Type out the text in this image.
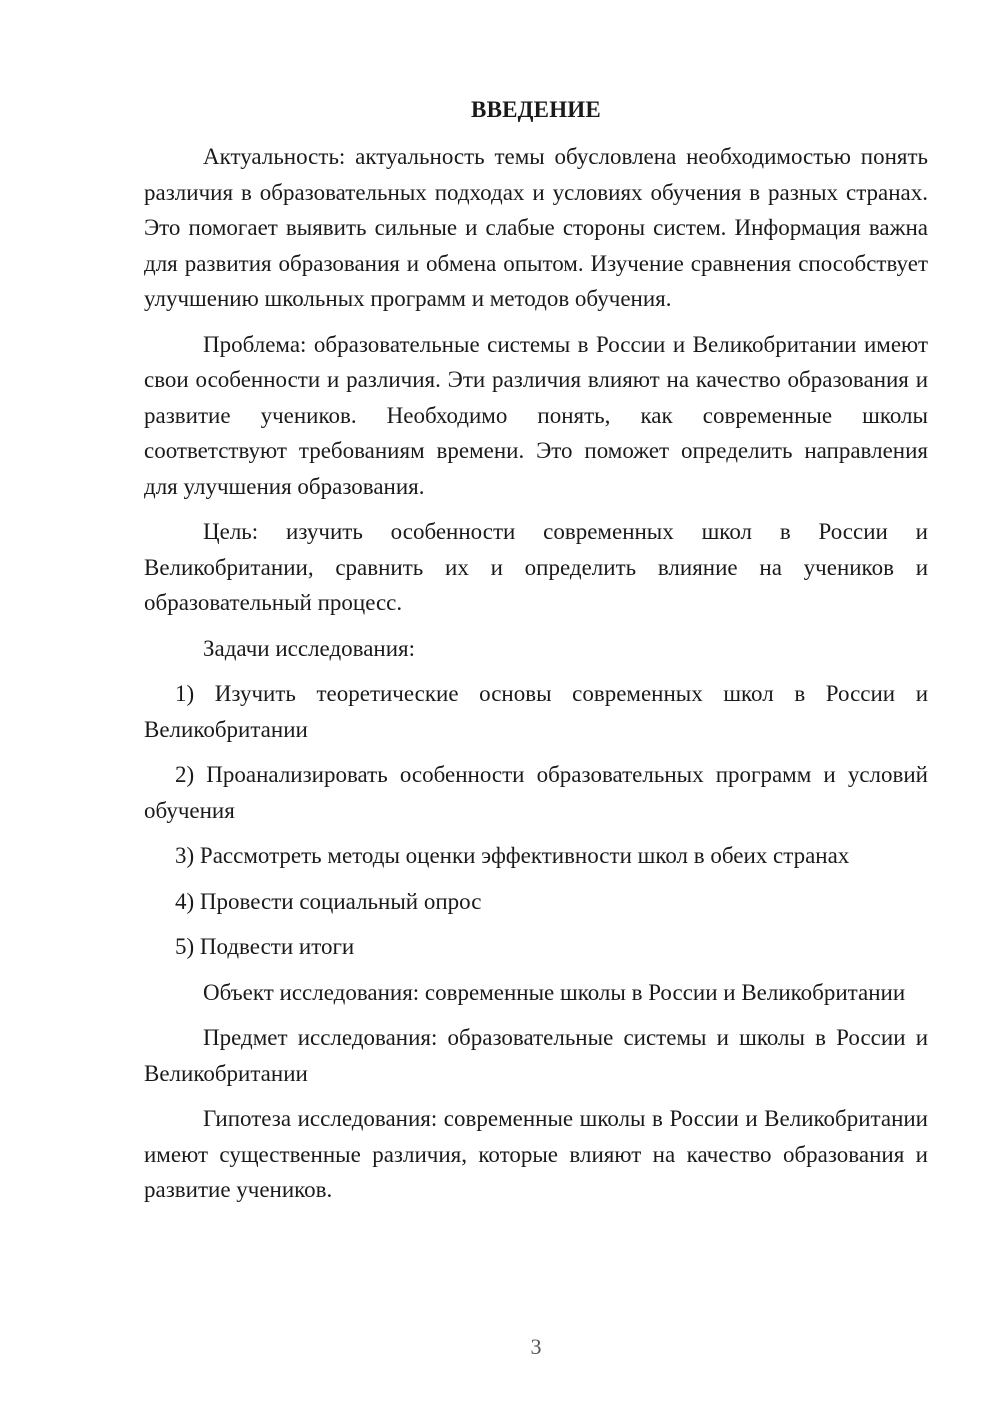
ВВЕДЕНИЕ

Актуальность: актуальность темы обусловлена необходимостью понять различия в образовательных подходах и условиях обучения в разных странах. Это помогает выявить сильные и слабые стороны систем. Информация важна для развития образования и обмена опытом. Изучение сравнения способствует улучшению школьных программ и методов обучения.

Проблема: образовательные системы в России и Великобритании имеют свои особенности и различия. Эти различия влияют на качество образования и развитие учеников. Необходимо понять, как современные школы соответствуют требованиям времени. Это поможет определить направления для улучшения образования.

Цель: изучить особенности современных школ в России и Великобритании, сравнить их и определить влияние на учеников и образовательный процесс.

Задачи исследования:

1) Изучить теоретические основы современных школ в России и Великобритании

2) Проанализировать особенности образовательных программ и условий обучения

3) Рассмотреть методы оценки эффективности школ в обеих странах

4) Провести социальный опрос

5) Подвести итоги

Объект исследования: современные школы в России и Великобритании

Предмет исследования: образовательные системы и школы в России и Великобритании

Гипотеза исследования: современные школы в России и Великобритании имеют существенные различия, которые влияют на качество образования и развитие учеников.

3
